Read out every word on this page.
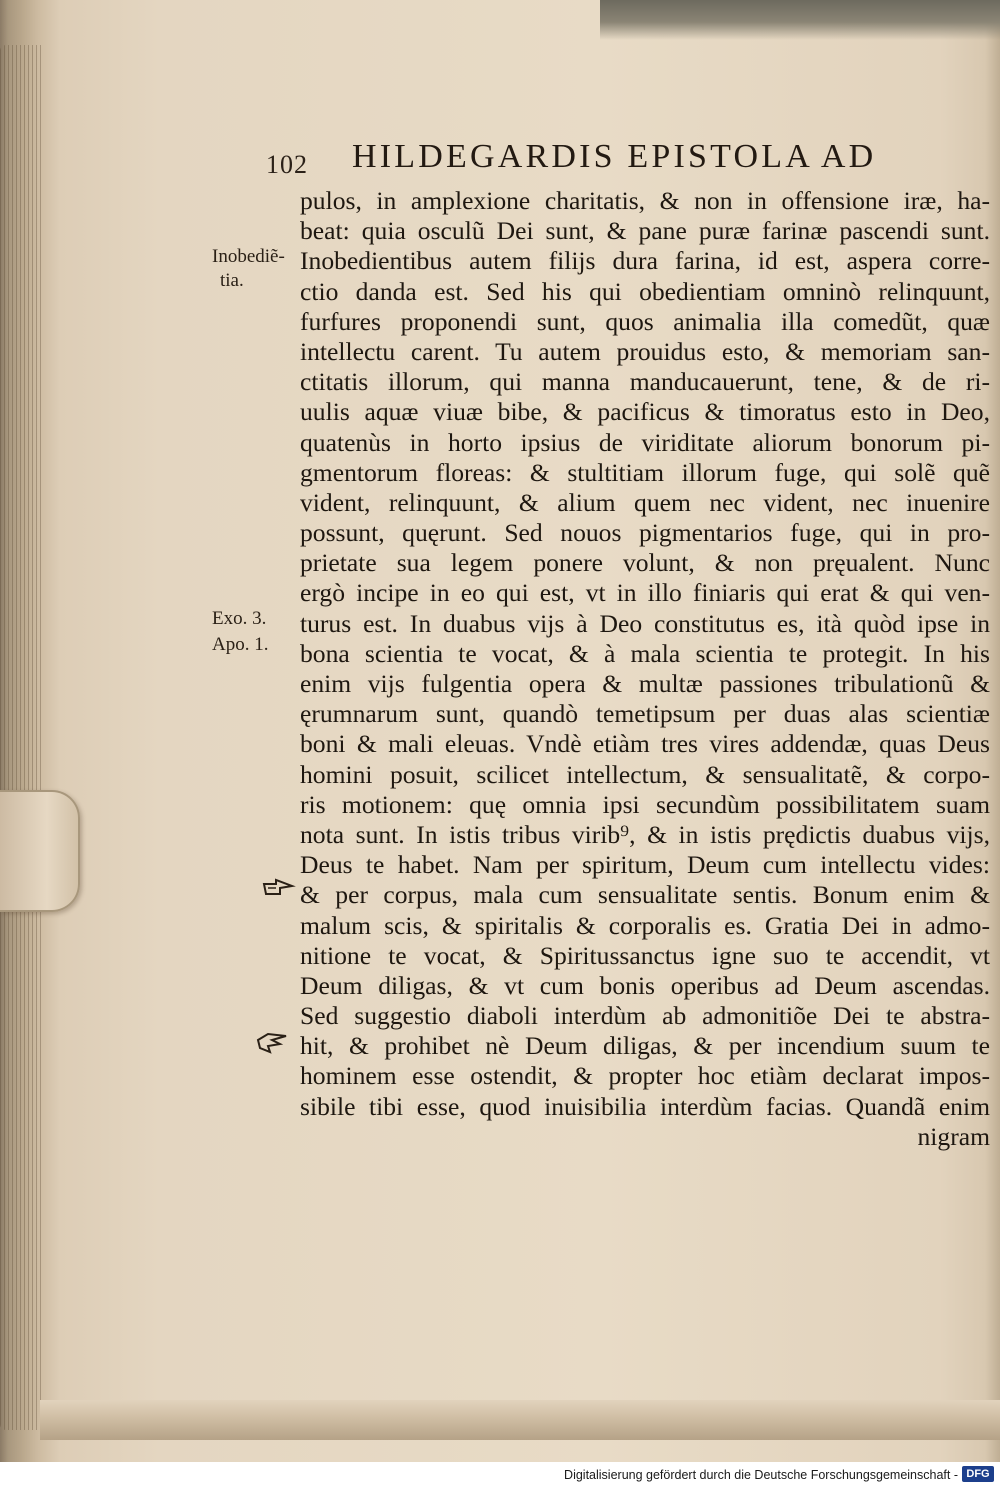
102 HILDEGARDIS EPISTOLA AD
Inobediẽ-
tia.
Exo. 3.
Apo. 1.
pulos, in amplexione charitatis, & non in offensione iræ, ha-
beat: quia osculũ Dei sunt, & pane puræ farinæ pascendi sunt.
Inobedientibus autem filijs dura farina, id est, aspera corre-
ctio danda est. Sed his qui obedientiam omninò relinquunt,
furfures proponendi sunt, quos animalia illa comedũt, quæ
intellectu carent. Tu autem prouidus esto, & memoriam san-
ctitatis illorum, qui manna manducauerunt, tene, & de ri-
uulis aquæ viuæ bibe, & pacificus & timoratus esto in Deo,
quatenùs in horto ipsius de viriditate aliorum bonorum pi-
gmentorum floreas: & stultitiam illorum fuge, qui solẽ quẽ
vident, relinquunt, & alium quem nec vident, nec inuenire
possunt, quęrunt. Sed nouos pigmentarios fuge, qui in pro-
prietate sua legem ponere volunt, & non pręualent. Nunc
ergò incipe in eo qui est, vt in illo finiaris qui erat & qui ven-
turus est. In duabus vijs à Deo constitutus es, ità quòd ipse in
bona scientia te vocat, & à mala scientia te protegit. In his
enim vijs fulgentia opera & multæ passiones tribulationũ &
ęrumnarum sunt, quandò temetipsum per duas alas scientiæ
boni & mali eleuas. Vndè etiàm tres vires addendæ, quas Deus
homini posuit, scilicet intellectum, & sensualitatẽ, & corpo-
ris motionem: quę omnia ipsi secundùm possibilitatem suam
nota sunt. In istis tribus virib⁹, & in istis prędictis duabus vijs,
Deus te habet. Nam per spiritum, Deum cum intellectu vides:
& per corpus, mala cum sensualitate sentis. Bonum enim &
malum scis, & spiritalis & corporalis es. Gratia Dei in admo-
nitione te vocat, & Spiritussanctus igne suo te accendit, vt
Deum diligas, & vt cum bonis operibus ad Deum ascendas.
Sed suggestio diaboli interdùm ab admonitiõe Dei te abstra-
hit, & prohibet nè Deum diligas, & per incendium suum te
hominem esse ostendit, & propter hoc etiàm declarat impos-
sibile tibi esse, quod inuisibilia interdùm facias. Quandã enim
nigram
Digitalisierung gefördert durch die Deutsche Forschungsgemeinschaft - DFG
